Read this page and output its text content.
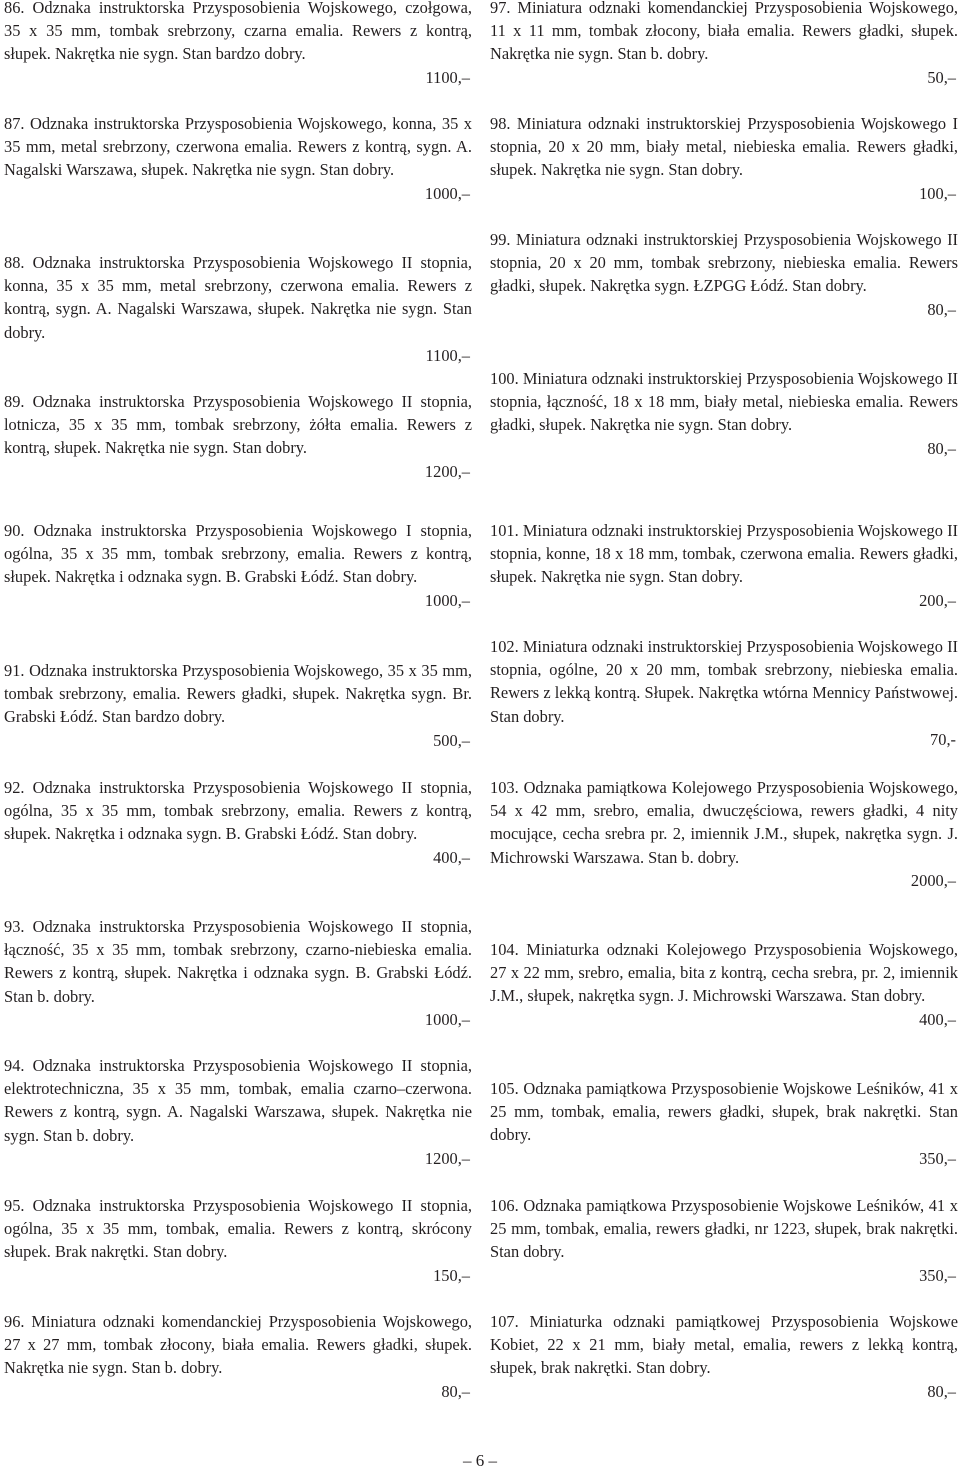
86. Odznaka instruktorska Przysposobienia Wojskowego, czołgowa, 35 x 35 mm, tombak srebrzony, czarna emalia. Rewers z kontrą, słupek. Nakrętka nie sygn. Stan bardzo dobry.

1100,–

87. Odznaka instruktorska Przysposobienia Wojskowego, konna, 35 x 35 mm, metal srebrzony, czerwona emalia. Rewers z kontrą, sygn. A. Nagalski Warszawa, słupek. Nakrętka nie sygn. Stan dobry.

1000,–

88. Odznaka instruktorska Przysposobienia Wojskowego II stopnia, konna, 35 x 35 mm, metal srebrzony, czerwona emalia. Rewers z kontrą, sygn. A. Nagalski Warszawa, słupek. Nakrętka nie sygn. Stan dobry.

1100,–

89. Odznaka instruktorska Przysposobienia Wojskowego II stopnia, lotnicza, 35 x 35 mm, tombak srebrzony, żółta emalia. Rewers z kontrą, słupek. Nakrętka nie sygn. Stan dobry.

1200,–

90. Odznaka instruktorska Przysposobienia Wojskowego I stopnia, ogólna, 35 x 35 mm, tombak srebrzony, emalia. Rewers z kontrą, słupek. Nakrętka i odznaka sygn. B. Grabski Łódź. Stan dobry.

1000,–

91. Odznaka instruktorska Przysposobienia Wojskowego, 35 x 35 mm, tombak srebrzony, emalia. Rewers gładki, słupek. Nakrętka sygn. Br. Grabski Łódź. Stan bardzo dobry.

500,–

92. Odznaka instruktorska Przysposobienia Wojskowego II stopnia, ogólna, 35 x 35 mm, tombak srebrzony, emalia. Rewers z kontrą, słupek. Nakrętka i odznaka sygn. B. Grabski Łódź. Stan dobry.

400,–

93. Odznaka instruktorska Przysposobienia Wojskowego II stopnia, łączność, 35 x 35 mm, tombak srebrzony, czarno-niebieska emalia. Rewers z kontrą, słupek. Nakrętka i odznaka sygn. B. Grabski Łódź. Stan b. dobry.

1000,–

94. Odznaka instruktorska Przysposobienia Wojskowego II stopnia, elektrotechniczna, 35 x 35 mm, tombak, emalia czarno–czerwona. Rewers z kontrą, sygn. A. Nagalski Warszawa, słupek. Nakrętka nie sygn. Stan b. dobry.

1200,–

95. Odznaka instruktorska Przysposobienia Wojskowego II stopnia, ogólna, 35 x 35 mm, tombak, emalia. Rewers z kontrą, skrócony słupek. Brak nakrętki. Stan dobry.

150,–

96. Miniatura odznaki komendanckiej Przysposobienia Wojskowego, 27 x 27 mm, tombak złocony, biała emalia. Rewers gładki, słupek. Nakrętka nie sygn. Stan b. dobry.

80,–

97. Miniatura odznaki komendanckiej Przysposobienia Wojskowego, 11 x 11 mm, tombak złocony, biała emalia. Rewers gładki, słupek. Nakrętka nie sygn. Stan b. dobry.

50,–

98. Miniatura odznaki instruktorskiej Przysposobienia Wojskowego I stopnia, 20 x 20 mm, biały metal, niebieska emalia. Rewers gładki, słupek. Nakrętka nie sygn. Stan dobry.

100,–

99. Miniatura odznaki instruktorskiej Przysposobienia Wojskowego II stopnia, 20 x 20 mm, tombak srebrzony, niebieska emalia. Rewers gładki, słupek. Nakrętka sygn. ŁZPGG Łódź. Stan dobry.

80,–

100. Miniatura odznaki instruktorskiej Przysposobienia Wojskowego II stopnia, łączność, 18 x 18 mm, biały metal, niebieska emalia. Rewers gładki, słupek. Nakrętka nie sygn. Stan dobry.

80,–

101. Miniatura odznaki instruktorskiej Przysposobienia Wojskowego II stopnia, konne, 18 x 18 mm, tombak, czerwona emalia. Rewers gładki, słupek. Nakrętka nie sygn. Stan dobry.

200,–

102. Miniatura odznaki instruktorskiej Przysposobienia Wojskowego II stopnia, ogólne, 20 x 20 mm, tombak srebrzony, niebieska emalia. Rewers z lekką kontrą. Słupek. Nakrętka wtórna Mennicy Państwowej. Stan dobry.

70,-

103. Odznaka pamiątkowa Kolejowego Przysposobienia Wojskowego, 54 x 42 mm, srebro, emalia, dwuczęściowa, rewers gładki, 4 nity mocujące, cecha srebra pr. 2, imiennik J.M., słupek, nakrętka sygn. J. Michrowski Warszawa. Stan b. dobry.

2000,–

104. Miniaturka odznaki Kolejowego Przysposobienia Wojskowego, 27 x 22 mm, srebro, emalia, bita z kontrą, cecha srebra, pr. 2, imiennik J.M., słupek, nakrętka sygn. J. Michrowski Warszawa. Stan dobry.

400,–

105. Odznaka pamiątkowa Przysposobienie Wojskowe Leśników, 41 x 25 mm, tombak, emalia, rewers gładki, słupek, brak nakrętki. Stan dobry.

350,–

106. Odznaka pamiątkowa Przysposobienie Wojskowe Leśników, 41 x 25 mm, tombak, emalia, rewers gładki, nr 1223, słupek, brak nakrętki. Stan dobry.

350,–

107. Miniaturka odznaki pamiątkowej Przysposobienia Wojskowe Kobiet, 22 x 21 mm, biały metal, emalia, rewers z lekką kontrą, słupek, brak nakrętki. Stan dobry.

80,–

– 6 –
